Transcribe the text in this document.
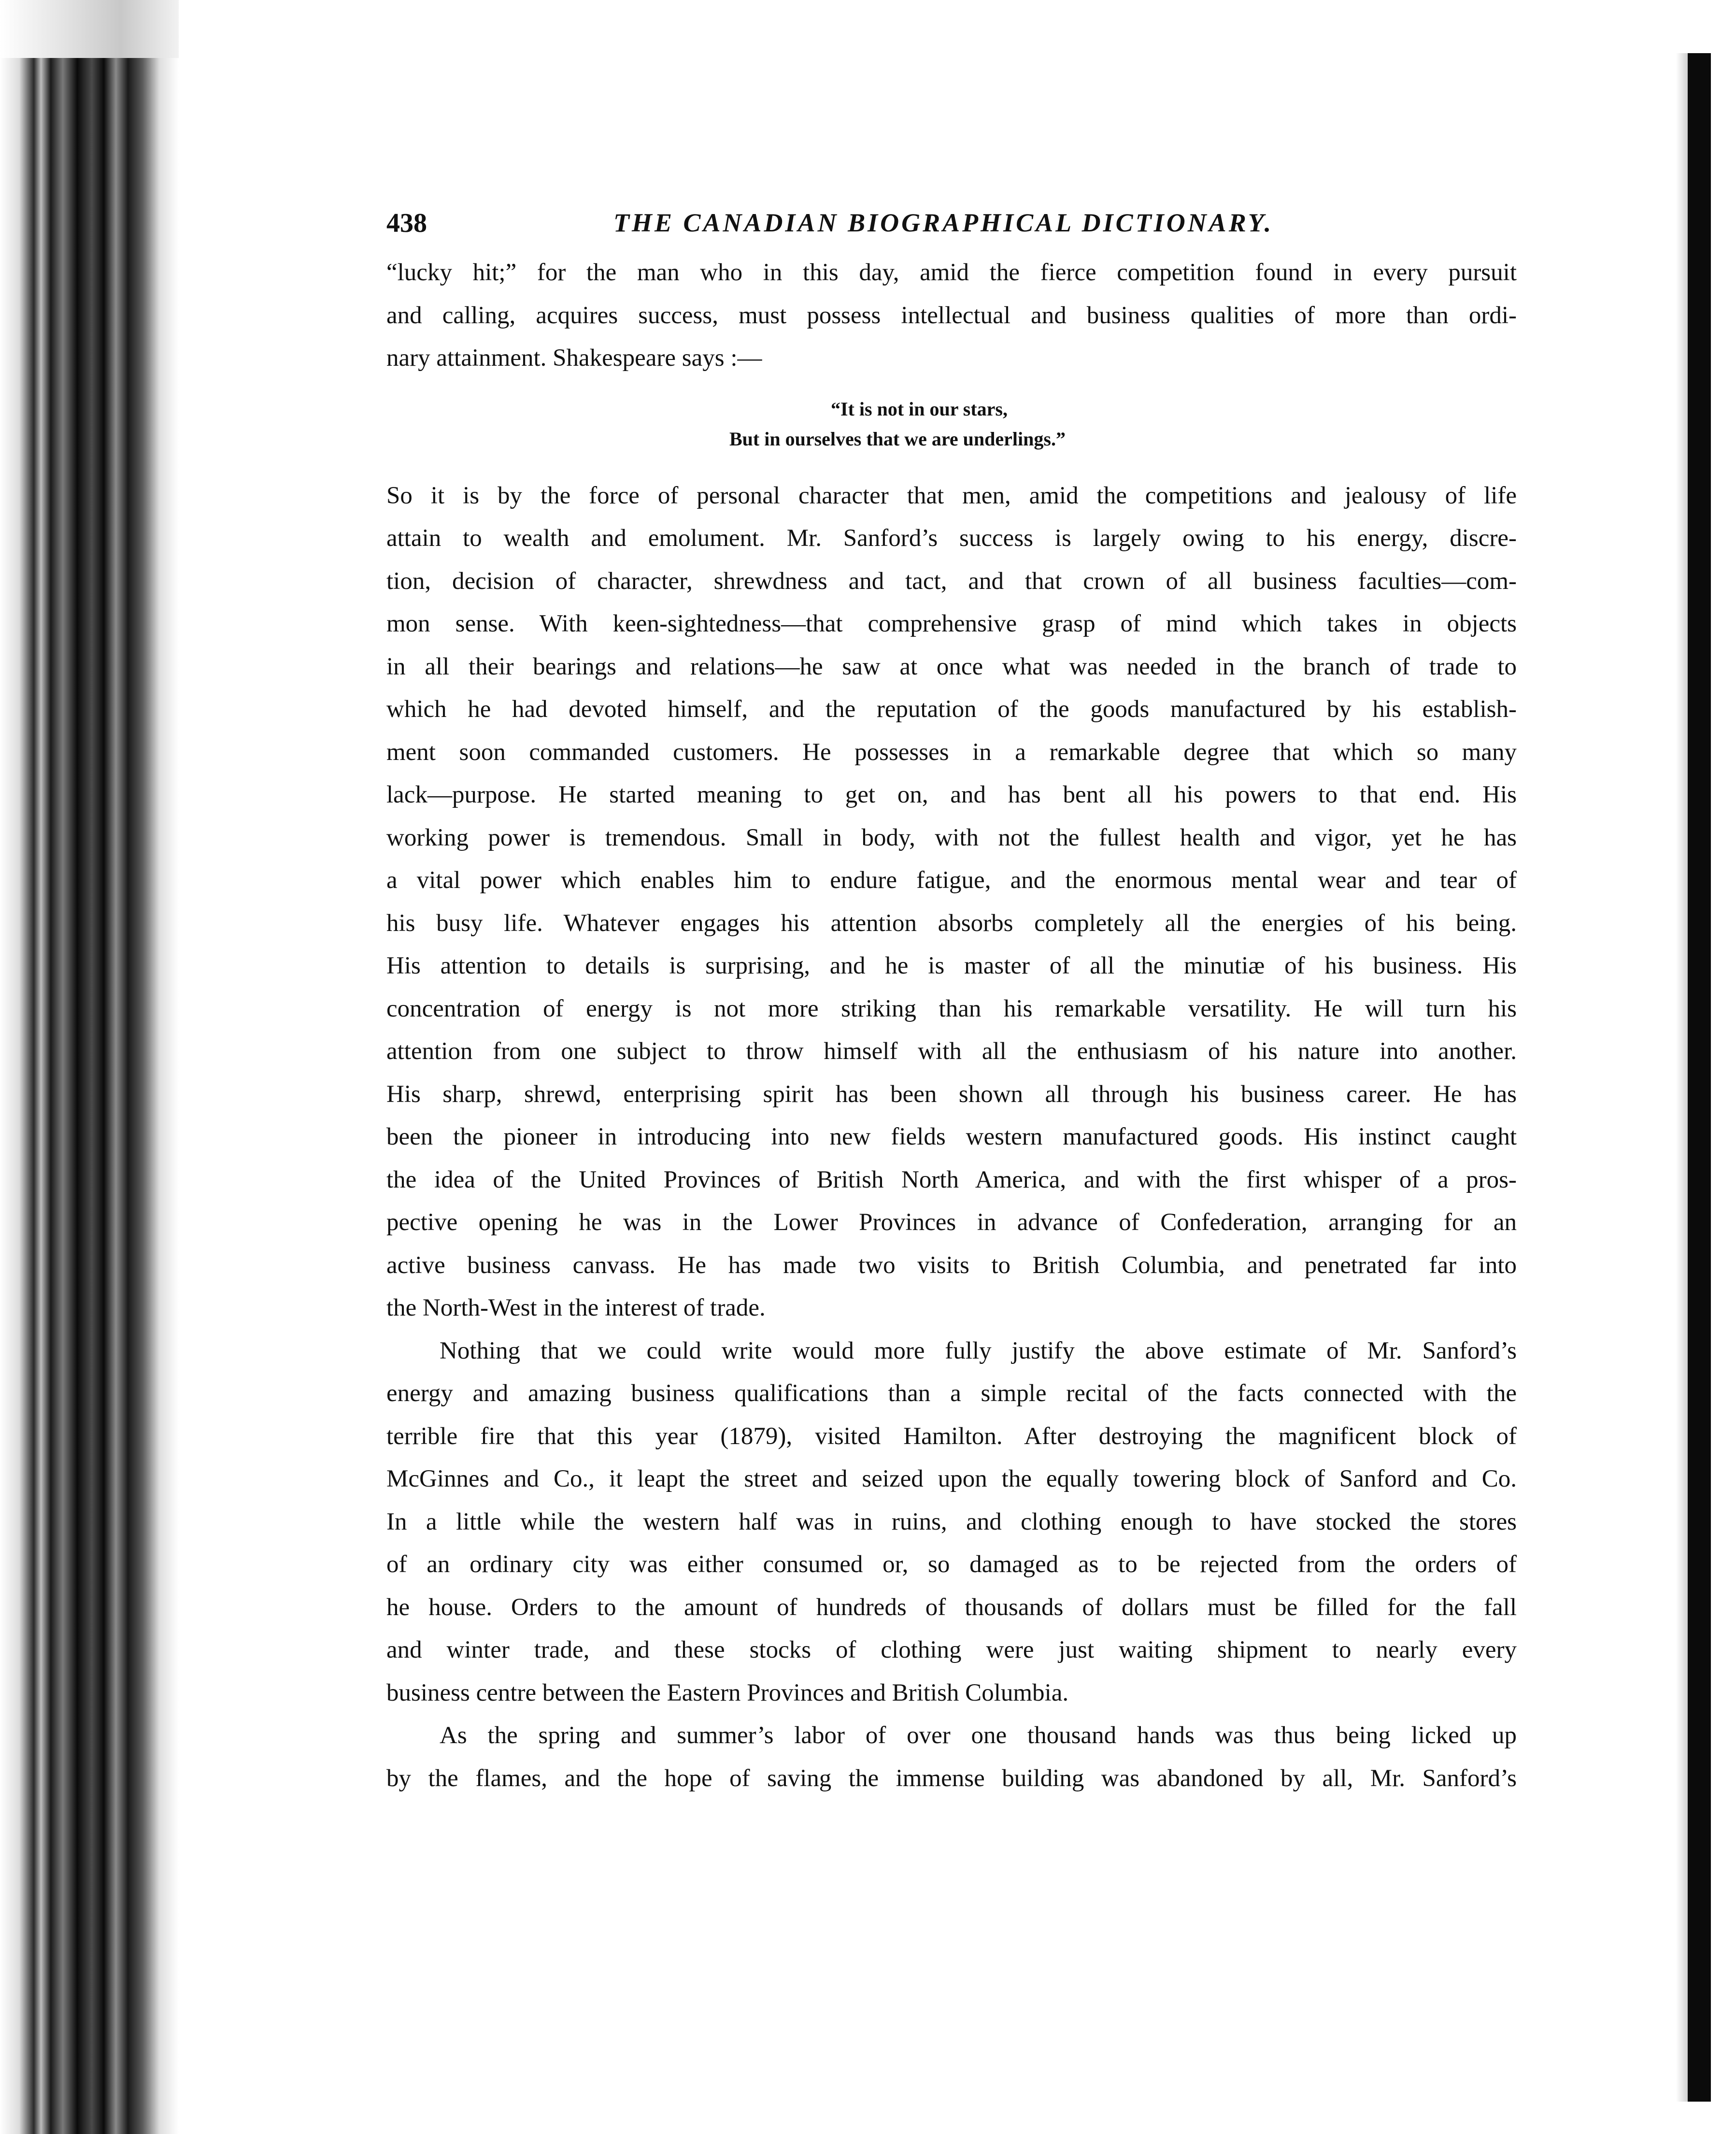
438	THE CANADIAN BIOGRAPHICAL DICTIONARY.
“lucky hit;” for the man who in this day, amid the fierce competition found in every pursuit
and calling, acquires success, must possess intellectual and business qualities of more than ordi-
nary attainment. Shakespeare says :—
“It is not in our stars,
But in ourselves that we are underlings.”
So it is by the force of personal character that men, amid the competitions and jealousy of life
attain to wealth and emolument. Mr. Sanford’s success is largely owing to his energy, discre-
tion, decision of character, shrewdness and tact, and that crown of all business faculties—com-
mon sense. With keen-sightedness—that comprehensive grasp of mind which takes in objects
in all their bearings and relations—he saw at once what was needed in the branch of trade to
which he had devoted himself, and the reputation of the goods manufactured by his establish-
ment soon commanded customers. He possesses in a remarkable degree that which so many
lack—purpose. He started meaning to get on, and has bent all his powers to that end. His
working power is tremendous. Small in body, with not the fullest health and vigor, yet he has
a vital power which enables him to endure fatigue, and the enormous mental wear and tear of
his busy life. Whatever engages his attention absorbs completely all the energies of his being.
His attention to details is surprising, and he is master of all the minutiæ of his business. His
concentration of energy is not more striking than his remarkable versatility. He will turn his
attention from one subject to throw himself with all the enthusiasm of his nature into another.
His sharp, shrewd, enterprising spirit has been shown all through his business career. He has
been the pioneer in introducing into new fields western manufactured goods. His instinct caught
the idea of the United Provinces of British North America, and with the first whisper of a pros-
pective opening he was in the Lower Provinces in advance of Confederation, arranging for an
active business canvass. He has made two visits to British Columbia, and penetrated far into
the North-West in the interest of trade.
Nothing that we could write would more fully justify the above estimate of Mr. Sanford’s
energy and amazing business qualifications than a simple recital of the facts connected with the
terrible fire that this year (1879), visited Hamilton. After destroying the magnificent block of
McGinnes and Co., it leapt the street and seized upon the equally towering block of Sanford and Co.
In a little while the western half was in ruins, and clothing enough to have stocked the stores
of an ordinary city was either consumed or, so damaged as to be rejected from the orders of
he house. Orders to the amount of hundreds of thousands of dollars must be filled for the fall
and winter trade, and these stocks of clothing were just waiting shipment to nearly every
business centre between the Eastern Provinces and British Columbia.
As the spring and summer’s labor of over one thousand hands was thus being licked up
by the flames, and the hope of saving the immense building was abandoned by all, Mr. Sanford’s
